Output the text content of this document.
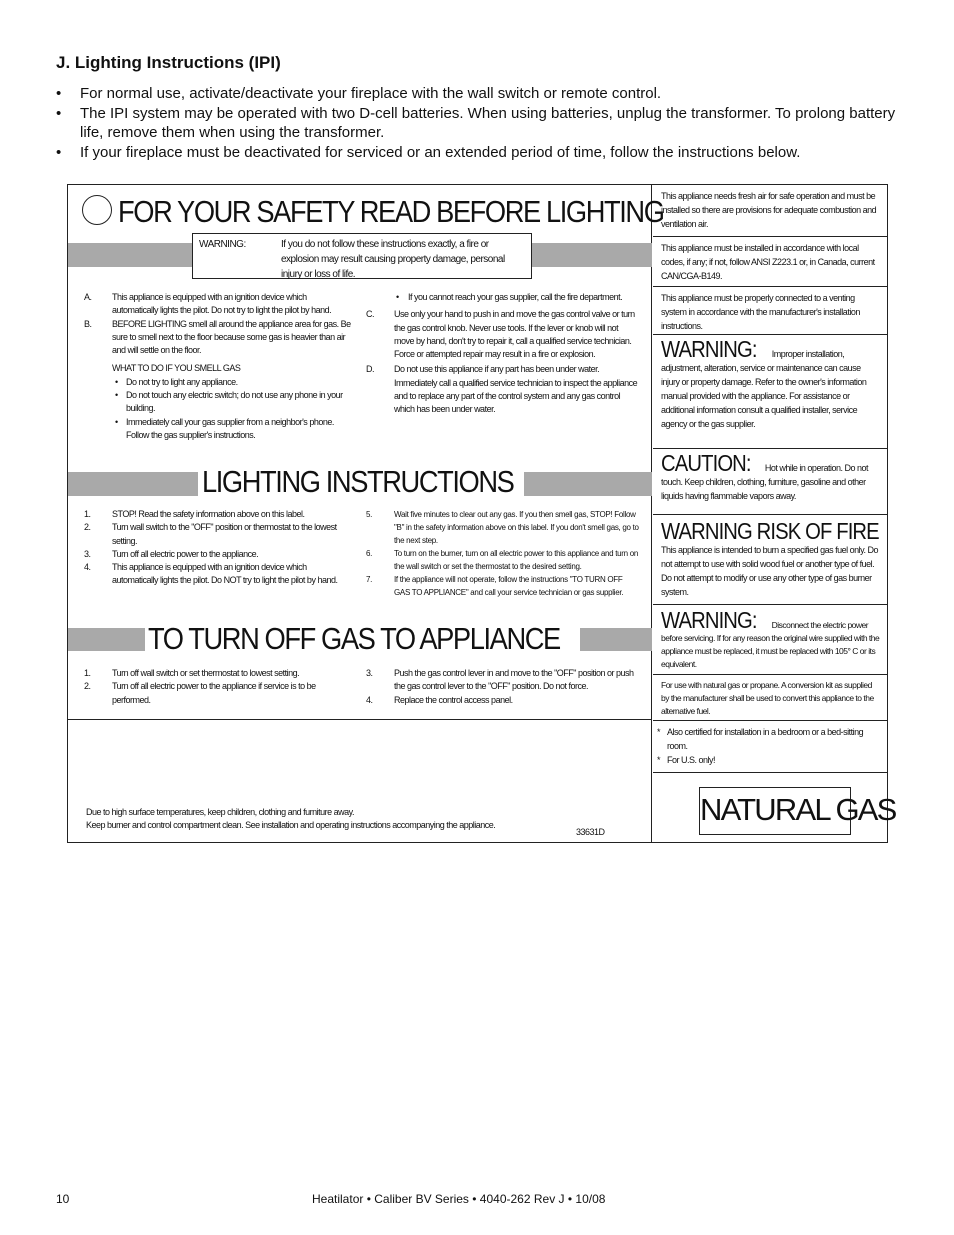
J. Lighting Instructions (IPI)
• For normal use, activate/deactivate your fireplace with the wall switch or remote control.
• The IPI system may be operated with two D-cell batteries. When using batteries, unplug the transformer. To prolong battery life, remove them when using the transformer.
• If your fireplace must be deactivated for serviced or an extended period of time, follow the instructions below.
FOR YOUR SAFETY READ BEFORE LIGHTING
WARNING:	If you do not follow these instructions exactly, a fire or explosion may result causing property damage, personal injury or loss of life.
A.	This appliance is equipped with an ignition device which automatically lights the pilot. Do not try to light the pilot by hand.
B.	BEFORE LIGHTING smell all around the appliance area for gas. Be sure to smell next to the floor because some gas is heavier than air and will settle on the floor.
WHAT TO DO IF YOU SMELL GAS
• Do not try to light any appliance.
• Do not touch any electric switch; do not use any phone in your building.
• Immediately call your gas supplier from a neighbor's phone. Follow the gas supplier's instructions.
• If you cannot reach your gas supplier, call the fire department.
C.	Use only your hand to push in and move the gas control valve or turn the gas control knob. Never use tools. If the lever or knob will not move by hand, don't try to repair it, call a qualified service technician. Force or attempted repair may result in a fire or explosion.
D.	Do not use this appliance if any part has been under water. Immediately call a qualified service technician to inspect the appliance and to replace any part of the control system and any gas control which has been under water.
LIGHTING INSTRUCTIONS
1.	STOP! Read the safety information above on this label.
2.	Turn wall switch to the "OFF" position or thermostat to the lowest setting.
3.	Turn off all electric power to the appliance.
4.	This appliance is equipped with an ignition device which automatically lights the pilot. Do NOT try to light the pilot by hand.
5.	Wait five minutes to clear out any gas. If you then smell gas, STOP! Follow "B" in the safety information above on this label. If you don't smell gas, go to the next step.
6.	To turn on the burner, turn on all electric power to this appliance and turn on the wall switch or set the thermostat to the desired setting.
7.	If the appliance will not operate, follow the instructions "TO TURN OFF GAS TO APPLIANCE" and call your service technician or gas supplier.
TO TURN OFF GAS TO APPLIANCE
1.	Turn off wall switch or set thermostat to lowest setting.
2.	Turn off all electric power to the appliance if service is to be performed.
3.	Push the gas control lever in and move to the "OFF" position or push the gas control lever to the "OFF" position. Do not force.
4.	Replace the control access panel.
Due to high surface temperatures, keep children, clothing and furniture away.
Keep burner and control compartment clean. See installation and operating instructions accompanying the appliance.
33631D
This appliance needs fresh air for safe operation and must be installed so there are provisions for adequate combustion and ventilation air.
This appliance must be installed in accordance with local codes, if any; if not, follow ANSI Z223.1 or, in Canada, current CAN/CGA-B149.
This appliance must be properly connected to a venting system in accordance with the manufacturer's installation instructions.
WARNING: Improper installation, adjustment, alteration, service or maintenance can cause injury or property damage. Refer to the owner's information manual provided with the appliance. For assistance or additional information consult a qualified installer, service agency or the gas supplier.
CAUTION: Hot while in operation. Do not touch. Keep children, clothing, furniture, gasoline and other liquids having flammable vapors away.
WARNING RISK OF FIRE
This appliance is intended to burn a specified gas fuel only. Do not attempt to use with solid wood fuel or another type of fuel. Do not attempt to modify or use any other type of gas burner system.
WARNING: Disconnect the electric power before servicing. If for any reason the original wire supplied with the appliance must be replaced, it must be replaced with 105° C or its equivalent.
For use with natural gas or propane. A conversion kit as supplied by the manufacturer shall be used to convert this appliance to the alternative fuel.
* Also certified for installation in a bedroom or a bed-sitting room.
* For U.S. only!
NATURAL GAS
10	Heatilator • Caliber BV Series • 4040-262 Rev J • 10/08
